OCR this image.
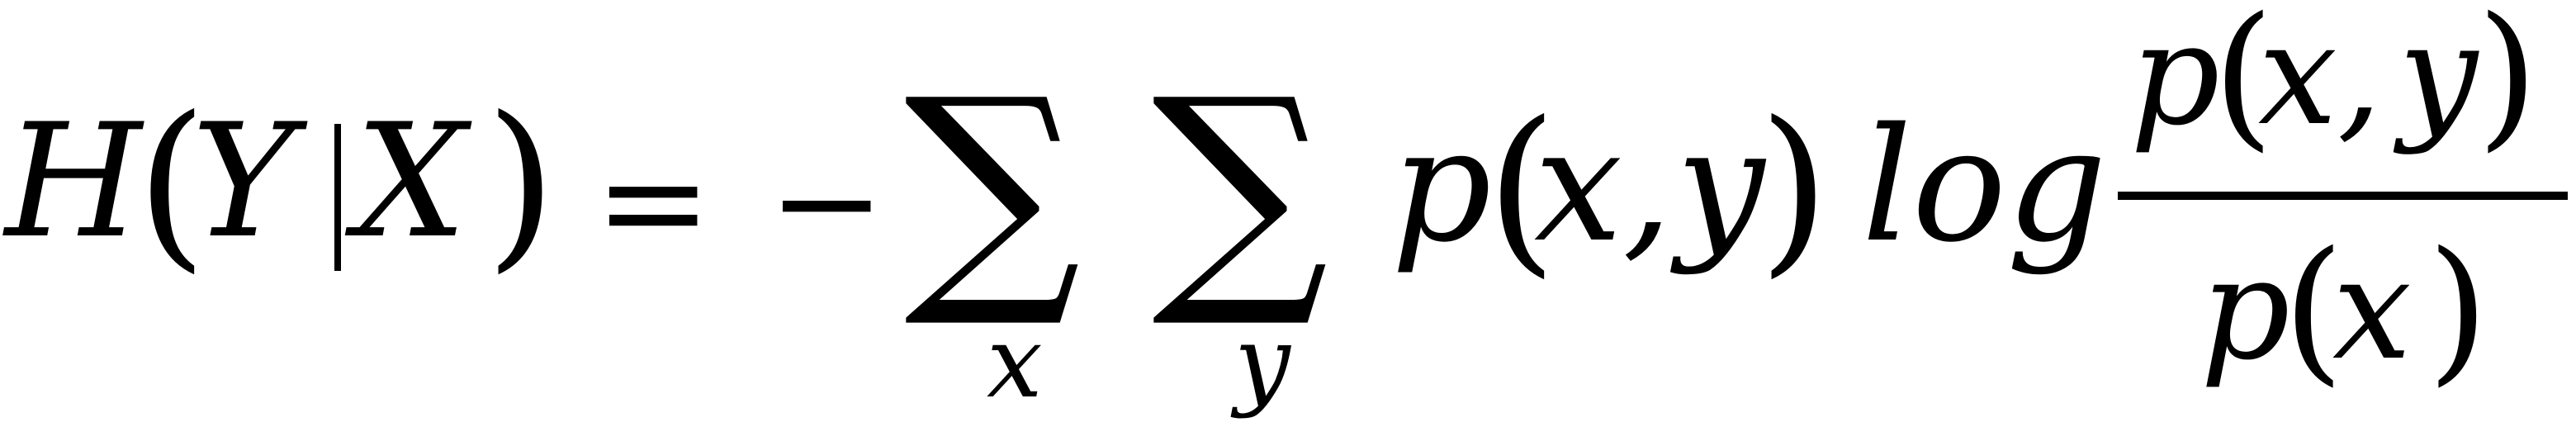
H
(
Y X ) = − ∑
x
∑
y
p
(
x, y
) log
p
(
x, y
)
p
(
x )
